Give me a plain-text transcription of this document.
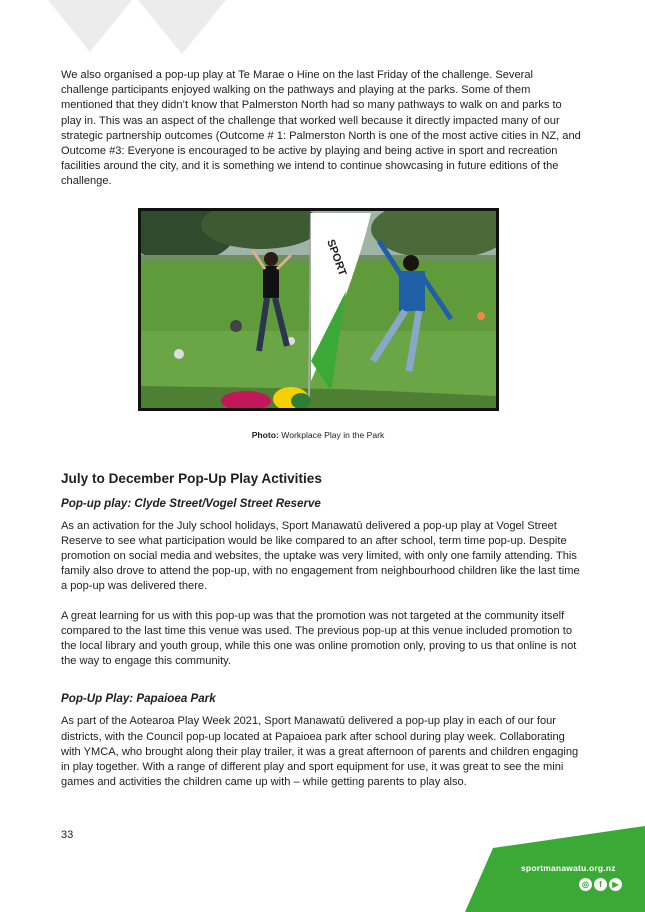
We also organised a pop-up play at Te Marae o Hine on the last Friday of the challenge. Several challenge participants enjoyed walking on the pathways and playing at the parks. Some of them mentioned that they didn’t know that Palmerston North had so many pathways to walk on and parks to play in. This was an aspect of the challenge that worked well because it directly impacted many of our strategic partnership outcomes (Outcome # 1: Palmerston North is one of the most active cities in NZ, and Outcome #3: Everyone is encouraged to be active by playing and being active in sport and recreation facilities around the city, and it is something we intend to continue showcasing in future editions of the challenge.

SPORT
Photo: Workplace Play in the Park
July to December Pop-Up Play Activities
Pop-up play: Clyde Street/Vogel Street Reserve

As an activation for the July school holidays, Sport Manawatū delivered a pop-up play at Vogel Street Reserve to see what participation would be like compared to an after school, term time pop-up. Despite promotion on social media and websites, the uptake was very limited, with only one family attending. This family also drove to attend the pop-up, with no engagement from neighbourhood children like the last time a pop-up was delivered there.

A great learning for us with this pop-up was that the promotion was not targeted at the community itself compared to the last time this venue was used. The previous pop-up at this venue included promotion to the local library and youth group, while this one was online promotion only, proving to us that online is not the way to engage this community.

Pop-Up Play: Papaioea Park

As part of the Aotearoa Play Week 2021, Sport Manawatū delivered a pop-up play in each of our four districts, with the Council pop-up located at Papaioea park after school during play week. Collaborating with YMCA, who brought along their play trailer, it was a great afternoon of parents and children engaging in play together. With a range of different play and sport equipment for use, it was great to see the mini games and activities the children came up with – while getting parents to play also.

33
sportmanawatu.org.nz
◎	f	▶
